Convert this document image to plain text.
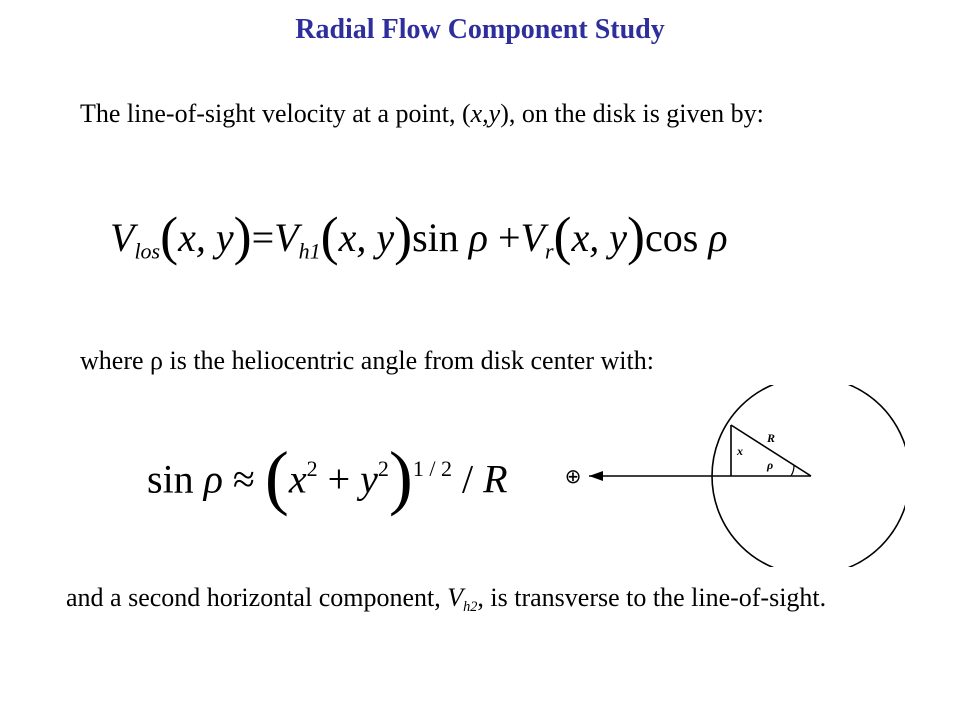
Radial Flow Component Study
The line-of-sight velocity at a point, (x,y), on the disk is given by:
$V_{los}(x$, $y)=V_{h1}(x$, y)sin $\rho +V_r(x$, y)cos ρ
where ρ is the heliocentric angle from disk center with:
$\sin \rho \approx (x^2 + y^2)^{1 / 2} / R$	⊕
R
x
ρ
and a second horizontal component, $V_{h2}$, is transverse to the line-of-sight.
